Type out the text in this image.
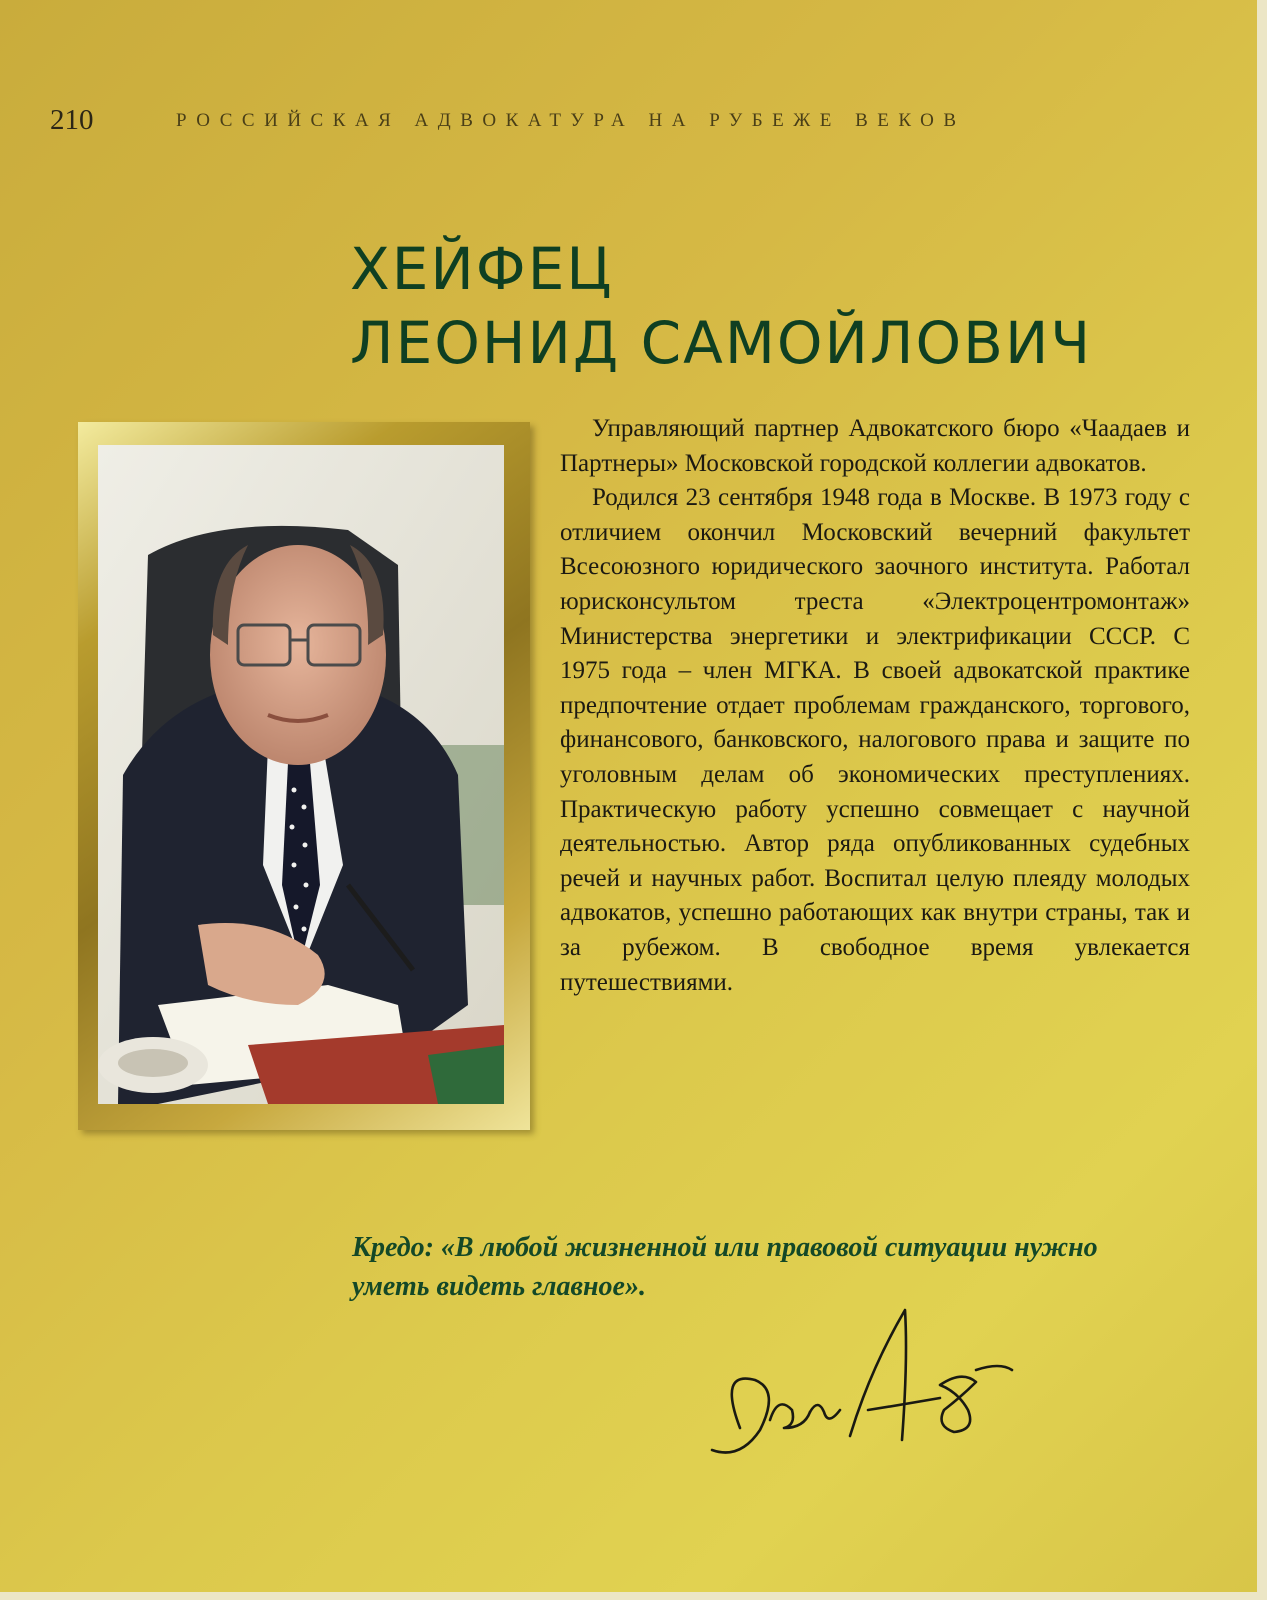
210	РОССИЙСКАЯ АДВОКАТУРА НА РУБЕЖЕ ВЕКОВ
ХЕЙФЕЦ
ЛЕОНИД САМОЙЛОВИЧ

Управляющий партнер Адвокатского бюро «Чаадаев и Партнеры» Московской городской коллегии адвокатов.

Родился 23 сентября 1948 года в Москве. В 1973 году с отличием окончил Московский вечерний факультет Всесоюзного юридического заочного института. Работал юрисконсультом треста «Электроцентромонтаж» Министерства энергетики и электрификации СССР. С 1975 года – член МГКА. В своей адвокатской практике предпочтение отдает проблемам гражданского, торгового, финансового, банковского, налогового права и защите по уголовным делам об экономических преступлениях. Практическую работу успешно совмещает с научной деятельностью. Автор ряда опубликованных судебных речей и научных работ. Воспитал целую плеяду молодых адвокатов, успешно работающих как внутри страны, так и за рубежом. В свободное время увлекается путешествиями.

Кредо: «В любой жизненной или правовой ситуации нужно уметь видеть главное».
